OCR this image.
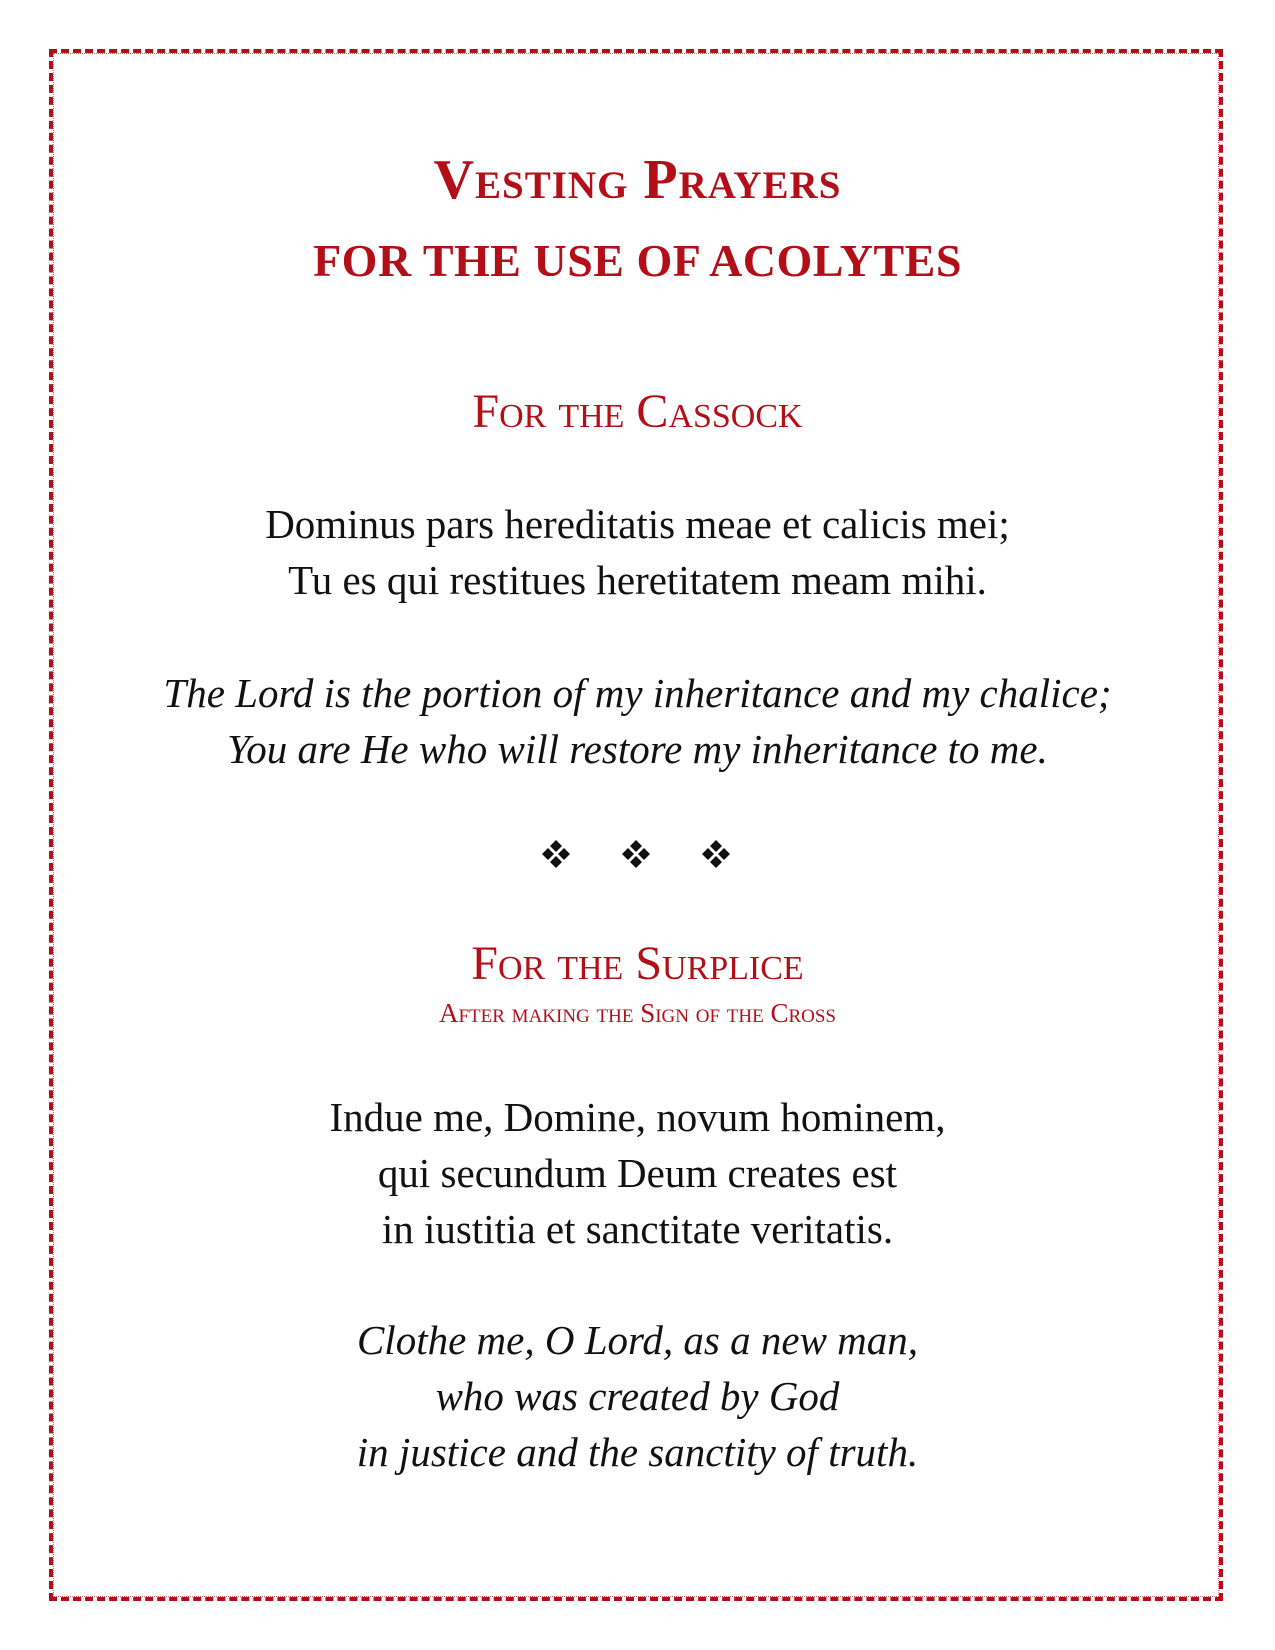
Vesting Prayers
FOR THE USE OF ACOLYTES
For the Cassock
Dominus pars hereditatis meae et calicis mei;
Tu es qui restitues heretitatem meam mihi.
The Lord is the portion of my inheritance and my chalice;
You are He who will restore my inheritance to me.
For the Surplice
After making the Sign of the Cross
Indue me, Domine, novum hominem,
qui secundum Deum creates est
in iustitia et sanctitate veritatis.
Clothe me, O Lord, as a new man,
who was created by God
in justice and the sanctity of truth.
